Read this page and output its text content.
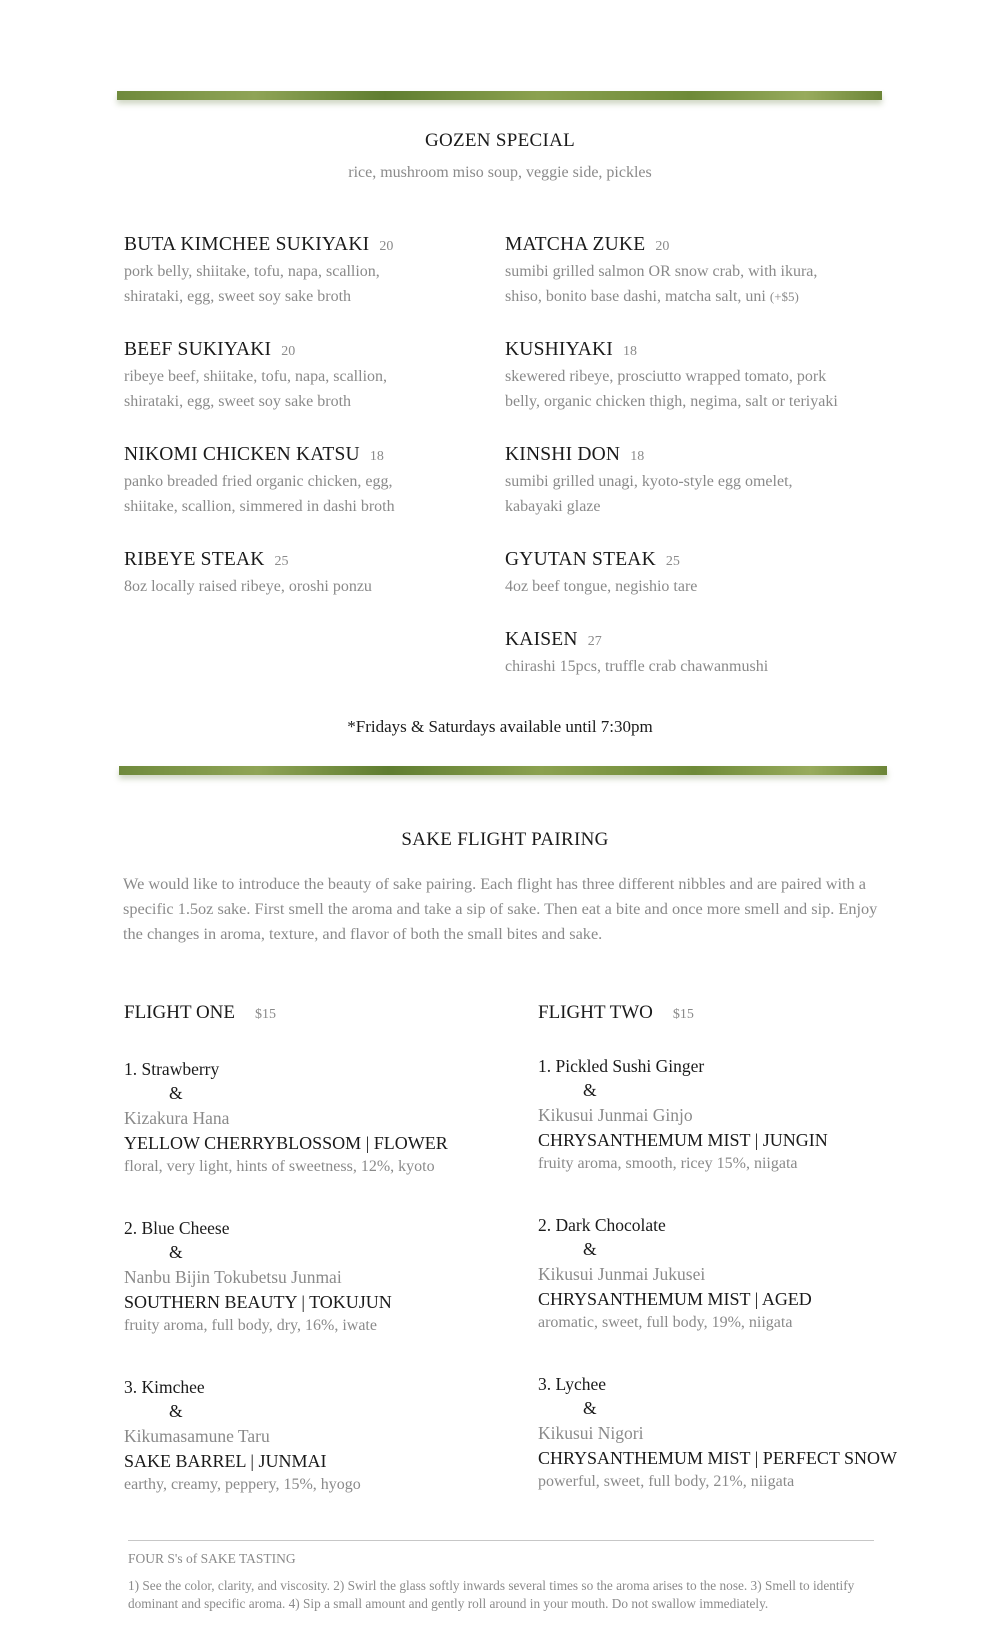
GOZEN SPECIAL
rice, mushroom miso soup, veggie side, pickles
BUTA KIMCHEE SUKIYAKI 20
pork belly, shiitake, tofu, napa, scallion,
shirataki, egg, sweet soy sake broth
BEEF SUKIYAKI 20
ribeye beef, shiitake, tofu, napa, scallion,
shirataki, egg, sweet soy sake broth
NIKOMI CHICKEN KATSU 18
panko breaded fried organic chicken, egg,
shiitake, scallion, simmered in dashi broth
RIBEYE STEAK 25
8oz locally raised ribeye, oroshi ponzu
MATCHA ZUKE 20
sumibi grilled salmon OR snow crab, with ikura,
shiso, bonito base dashi, matcha salt, uni (+$5)
KUSHIYAKI 18
skewered ribeye, prosciutto wrapped tomato, pork
belly, organic chicken thigh, negima, salt or teriyaki
KINSHI DON 18
sumibi grilled unagi, kyoto-style egg omelet,
kabayaki glaze
GYUTAN STEAK 25
4oz beef tongue, negishio tare
KAISEN 27
chirashi 15pcs, truffle crab chawanmushi
*Fridays & Saturdays available until 7:30pm
SAKE FLIGHT PAIRING
We would like to introduce the beauty of sake pairing. Each flight has three different nibbles and are paired with a specific 1.5oz sake. First smell the aroma and take a sip of sake. Then eat a bite and once more smell and sip. Enjoy the changes in aroma, texture, and flavor of both the small bites and sake.
FLIGHT ONE $15
1. Strawberry
&
Kizakura Hana
YELLOW CHERRYBLOSSOM | FLOWER
floral, very light, hints of sweetness, 12%, kyoto
2. Blue Cheese
&
Nanbu Bijin Tokubetsu Junmai
SOUTHERN BEAUTY | TOKUJUN
fruity aroma, full body, dry, 16%, iwate
3. Kimchee
&
Kikumasamune Taru
SAKE BARREL | JUNMAI
earthy, creamy, peppery, 15%, hyogo
FLIGHT TWO $15
1. Pickled Sushi Ginger
&
Kikusui Junmai Ginjo
CHRYSANTHEMUM MIST | JUNGIN
fruity aroma, smooth, ricey 15%, niigata
2. Dark Chocolate
&
Kikusui Junmai Jukusei
CHRYSANTHEMUM MIST | AGED
aromatic, sweet, full body, 19%, niigata
3. Lychee
&
Kikusui Nigori
CHRYSANTHEMUM MIST | PERFECT SNOW
powerful, sweet, full body, 21%, niigata
FOUR S's of SAKE TASTING
1) See the color, clarity, and viscosity. 2) Swirl the glass softly inwards several times so the aroma arises to the nose. 3) Smell to identify dominant and specific aroma. 4) Sip a small amount and gently roll around in your mouth. Do not swallow immediately.
